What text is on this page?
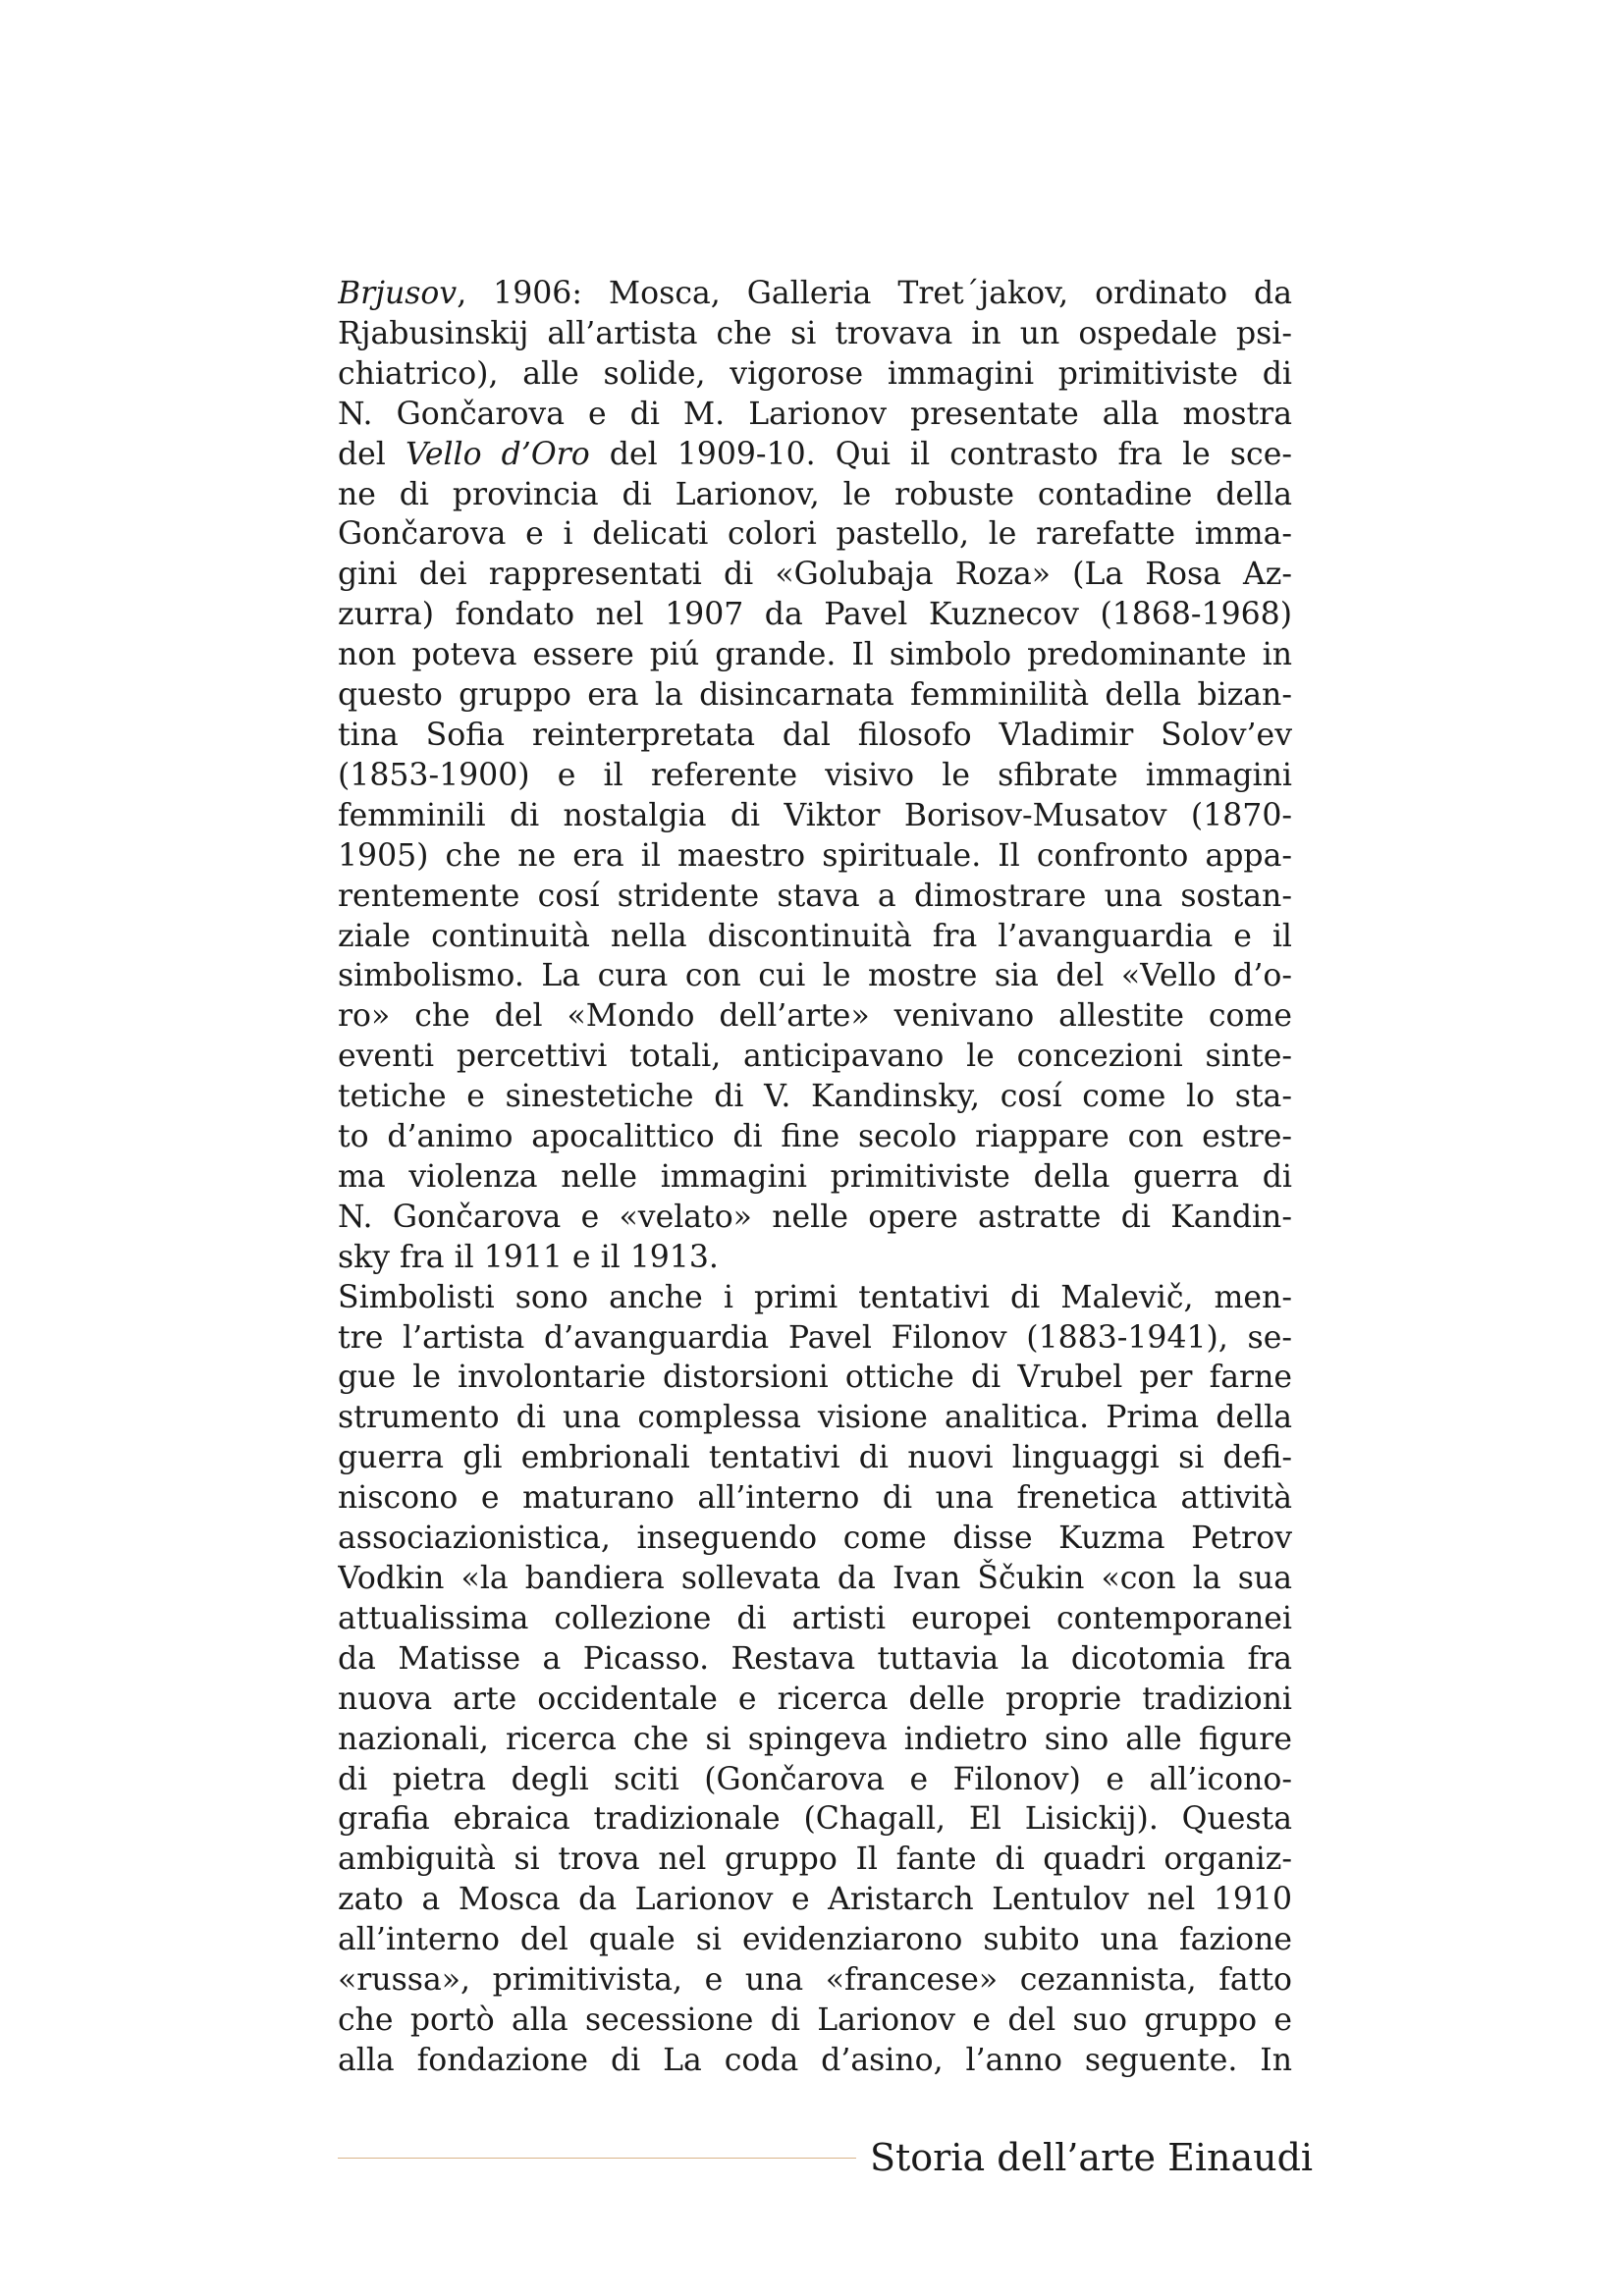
Brjusov, 1906: Mosca, Galleria Tret´jakov, ordinato da
Rjabusinskij all’artista che si trovava in un ospedale psi-
chiatrico), alle solide, vigorose immagini primitiviste di
N. Gončarova e di M. Larionov presentate alla mostra
del Vello d’Oro del 1909-10. Qui il contrasto fra le sce-
ne di provincia di Larionov, le robuste contadine della
Gončarova e i delicati colori pastello, le rarefatte imma-
gini dei rappresentati di «Golubaja Roza» (La Rosa Az-
zurra) fondato nel 1907 da Pavel Kuznecov (1868-1968)
non poteva essere piú grande. Il simbolo predominante in
questo gruppo era la disincarnata femminilità della bizan-
tina Sofia reinterpretata dal filosofo Vladimir Solov’ev
(1853-1900) e il referente visivo le sfibrate immagini
femminili di nostalgia di Viktor Borisov-Musatov (1870-
1905) che ne era il maestro spirituale. Il confronto appa-
rentemente cosí stridente stava a dimostrare una sostan-
ziale continuità nella discontinuità fra l’avanguardia e il
simbolismo. La cura con cui le mostre sia del «Vello d’o-
ro» che del «Mondo dell’arte» venivano allestite come
eventi percettivi totali, anticipavano le concezioni sinte-
tetiche e sinestetiche di V. Kandinsky, cosí come lo sta-
to d’animo apocalittico di fine secolo riappare con estre-
ma violenza nelle immagini primitiviste della guerra di
N. Gončarova e «velato» nelle opere astratte di Kandin-
sky fra il 1911 e il 1913.
Simbolisti sono anche i primi tentativi di Malevič, men-
tre l’artista d’avanguardia Pavel Filonov (1883-1941), se-
gue le involontarie distorsioni ottiche di Vrubel per farne
strumento di una complessa visione analitica. Prima della
guerra gli embrionali tentativi di nuovi linguaggi si defi-
niscono e maturano all’interno di una frenetica attività
associazionistica, inseguendo come disse Kuzma Petrov
Vodkin «la bandiera sollevata da Ivan Ščukin «con la sua
attualissima collezione di artisti europei contemporanei
da Matisse a Picasso. Restava tuttavia la dicotomia fra
nuova arte occidentale e ricerca delle proprie tradizioni
nazionali, ricerca che si spingeva indietro sino alle figure
di pietra degli sciti (Gončarova e Filonov) e all’icono-
grafia ebraica tradizionale (Chagall, El Lisickij). Questa
ambiguità si trova nel gruppo Il fante di quadri organiz-
zato a Mosca da Larionov e Aristarch Lentulov nel 1910
all’interno del quale si evidenziarono subito una fazione
«russa», primitivista, e una «francese» cezannista, fatto
che portò alla secessione di Larionov e del suo gruppo e
alla fondazione di La coda d’asino, l’anno seguente. In
Storia dell’arte Einaudi
